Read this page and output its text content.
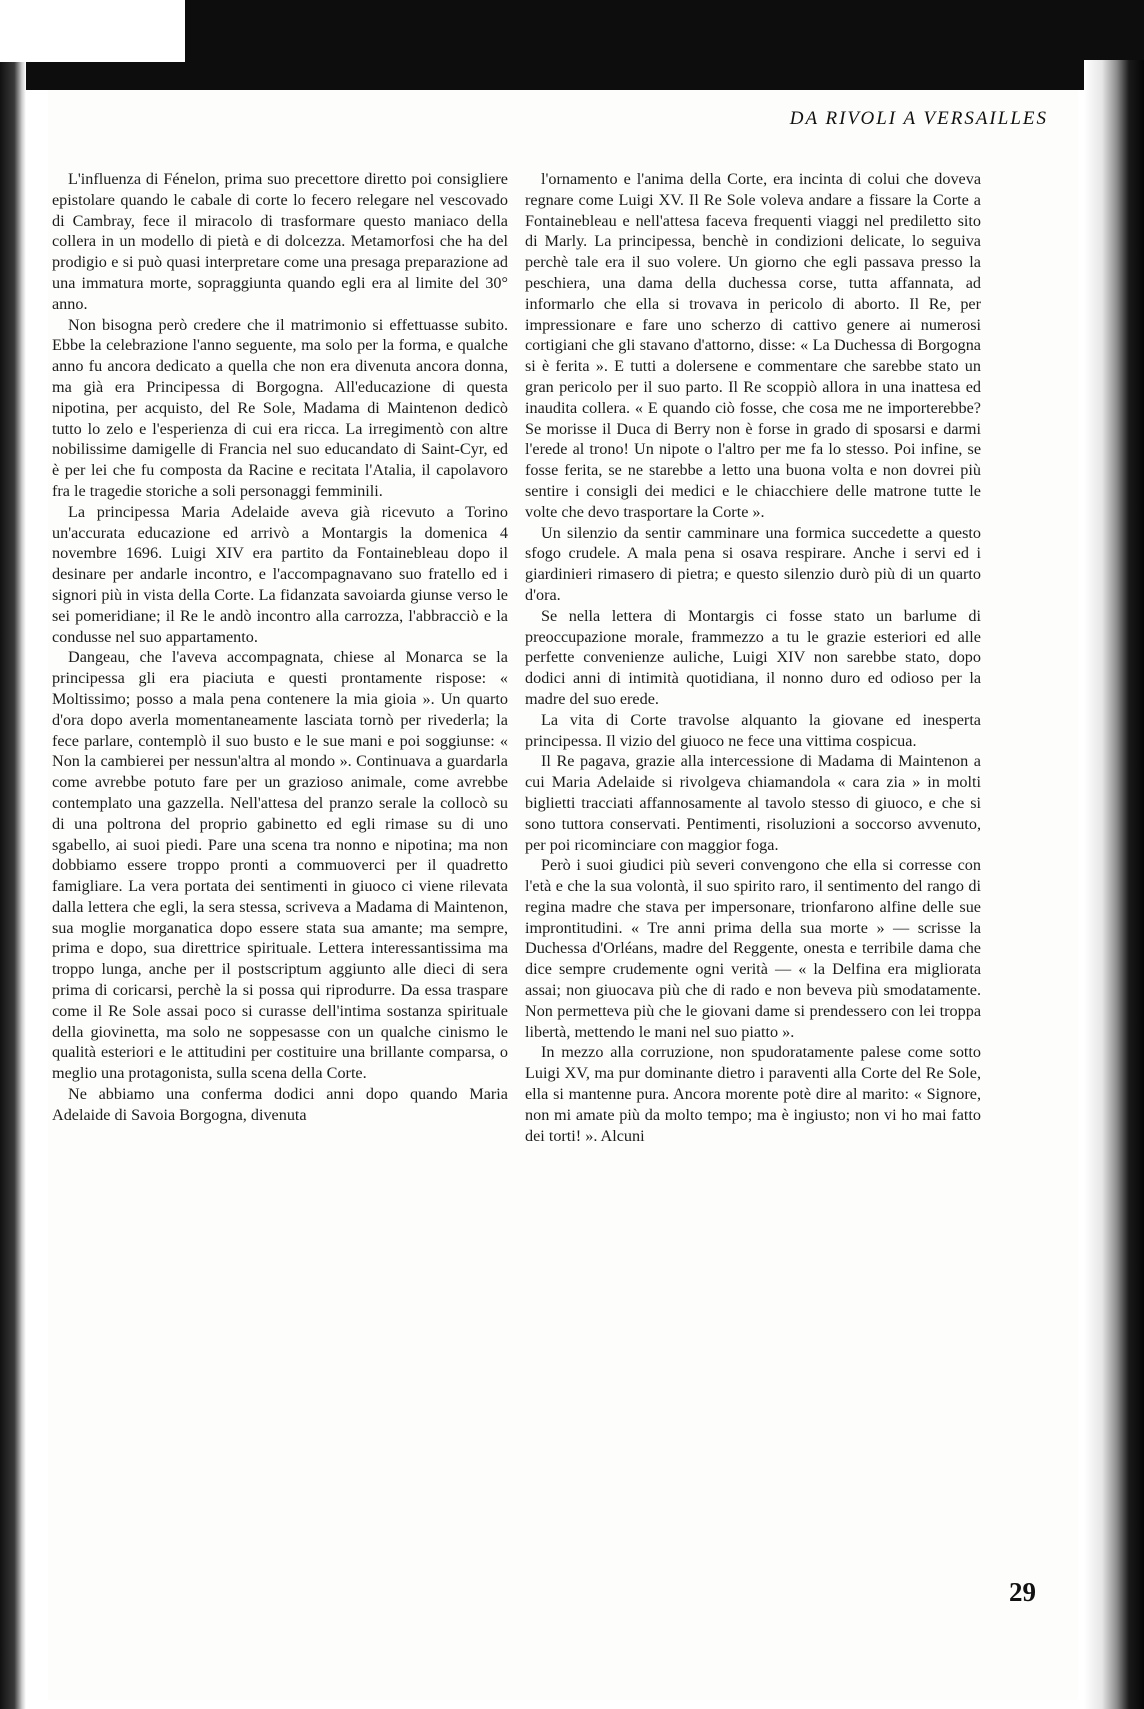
DA RIVOLI A VERSAILLES

L'influenza di Fénelon, prima suo precettore diretto poi consigliere epistolare quando le cabale di corte lo fecero relegare nel vescovado di Cambray, fece il miracolo di trasformare questo maniaco della collera in un modello di pietà e di dolcezza. Metamorfosi che ha del prodigio e si può quasi interpretare come una presaga preparazione ad una immatura morte, sopraggiunta quando egli era al limite del 30° anno.

Non bisogna però credere che il matrimonio si effettuasse subito. Ebbe la celebrazione l'anno seguente, ma solo per la forma, e qualche anno fu ancora dedicato a quella che non era divenuta ancora donna, ma già era Principessa di Borgogna. All'educazione di questa nipotina, per acquisto, del Re Sole, Madama di Maintenon dedicò tutto lo zelo e l'esperienza di cui era ricca. La irregimentò con altre nobilissime damigelle di Francia nel suo educandato di Saint-Cyr, ed è per lei che fu composta da Racine e recitata l'Atalia, il capolavoro fra le tragedie storiche a soli personaggi femminili.

La principessa Maria Adelaide aveva già ricevuto a Torino un'accurata educazione ed arrivò a Montargis la domenica 4 novembre 1696. Luigi XIV era partito da Fontainebleau dopo il desinare per andarle incontro, e l'accompagnavano suo fratello ed i signori più in vista della Corte. La fidanzata savoiarda giunse verso le sei pomeridiane; il Re le andò incontro alla carrozza, l'abbracciò e la condusse nel suo appartamento.

Dangeau, che l'aveva accompagnata, chiese al Monarca se la principessa gli era piaciuta e questi prontamente rispose: « Moltissimo; posso a mala pena contenere la mia gioia ». Un quarto d'ora dopo averla momentaneamente lasciata tornò per rivederla; la fece parlare, contemplò il suo busto e le sue mani e poi soggiunse: « Non la cambierei per nessun'altra al mondo ». Continuava a guardarla come avrebbe potuto fare per un grazioso animale, come avrebbe contemplato una gazzella. Nell'attesa del pranzo serale la collocò su di una poltrona del proprio gabinetto ed egli rimase su di uno sgabello, ai suoi piedi. Pare una scena tra nonno e nipotina; ma non dobbiamo essere troppo pronti a commuoverci per il quadretto famigliare. La vera portata dei sentimenti in giuoco ci viene rilevata dalla lettera che egli, la sera stessa, scriveva a Madama di Maintenon, sua moglie morganatica dopo essere stata sua amante; ma sempre, prima e dopo, sua direttrice spirituale. Lettera interessantissima ma troppo lunga, anche per il postscriptum aggiunto alle dieci di sera prima di coricarsi, perchè la si possa qui riprodurre. Da essa traspare come il Re Sole assai poco si curasse dell'intima sostanza spirituale della giovinetta, ma solo ne soppesasse con un qualche cinismo le qualità esteriori e le attitudini per costituire una brillante comparsa, o meglio una protagonista, sulla scena della Corte.

Ne abbiamo una conferma dodici anni dopo quando Maria Adelaide di Savoia Borgogna, divenuta

l'ornamento e l'anima della Corte, era incinta di colui che doveva regnare come Luigi XV. Il Re Sole voleva andare a fissare la Corte a Fontainebleau e nell'attesa faceva frequenti viaggi nel prediletto sito di Marly. La principessa, benchè in condizioni delicate, lo seguiva perchè tale era il suo volere. Un giorno che egli passava presso la peschiera, una dama della duchessa corse, tutta affannata, ad informarlo che ella si trovava in pericolo di aborto. Il Re, per impressionare e fare uno scherzo di cattivo genere ai numerosi cortigiani che gli stavano d'attorno, disse: « La Duchessa di Borgogna si è ferita ». E tutti a dolersene e commentare che sarebbe stato un gran pericolo per il suo parto. Il Re scoppiò allora in una inattesa ed inaudita collera. « E quando ciò fosse, che cosa me ne importerebbe? Se morisse il Duca di Berry non è forse in grado di sposarsi e darmi l'erede al trono! Un nipote o l'altro per me fa lo stesso. Poi infine, se fosse ferita, se ne starebbe a letto una buona volta e non dovrei più sentire i consigli dei medici e le chiacchiere delle matrone tutte le volte che devo trasportare la Corte ».

Un silenzio da sentir camminare una formica succedette a questo sfogo crudele. A mala pena si osava respirare. Anche i servi ed i giardinieri rimasero di pietra; e questo silenzio durò più di un quarto d'ora.

Se nella lettera di Montargis ci fosse stato un barlume di preoccupazione morale, frammezzo a tu le grazie esteriori ed alle perfette convenienze auliche, Luigi XIV non sarebbe stato, dopo dodici anni di intimità quotidiana, il nonno duro ed odioso per la madre del suo erede.

La vita di Corte travolse alquanto la giovane ed inesperta principessa. Il vizio del giuoco ne fece una vittima cospicua.

Il Re pagava, grazie alla intercessione di Madama di Maintenon a cui Maria Adelaide si rivolgeva chiamandola « cara zia » in molti biglietti tracciati affannosamente al tavolo stesso di giuoco, e che si sono tuttora conservati. Pentimenti, risoluzioni a soccorso avvenuto, per poi ricominciare con maggior foga.

Però i suoi giudici più severi convengono che ella si corresse con l'età e che la sua volontà, il suo spirito raro, il sentimento del rango di regina madre che stava per impersonare, trionfarono alfine delle sue improntitudini. « Tre anni prima della sua morte » — scrisse la Duchessa d'Orléans, madre del Reggente, onesta e terribile dama che dice sempre crudemente ogni verità — « la Delfina era migliorata assai; non giuocava più che di rado e non beveva più smodatamente. Non permetteva più che le giovani dame si prendessero con lei troppa libertà, mettendo le mani nel suo piatto ».

In mezzo alla corruzione, non spudoratamente palese come sotto Luigi XV, ma pur dominante dietro i paraventi alla Corte del Re Sole, ella si mantenne pura. Ancora morente potè dire al marito: « Signore, non mi amate più da molto tempo; ma è ingiusto; non vi ho mai fatto dei torti! ». Alcuni

29
